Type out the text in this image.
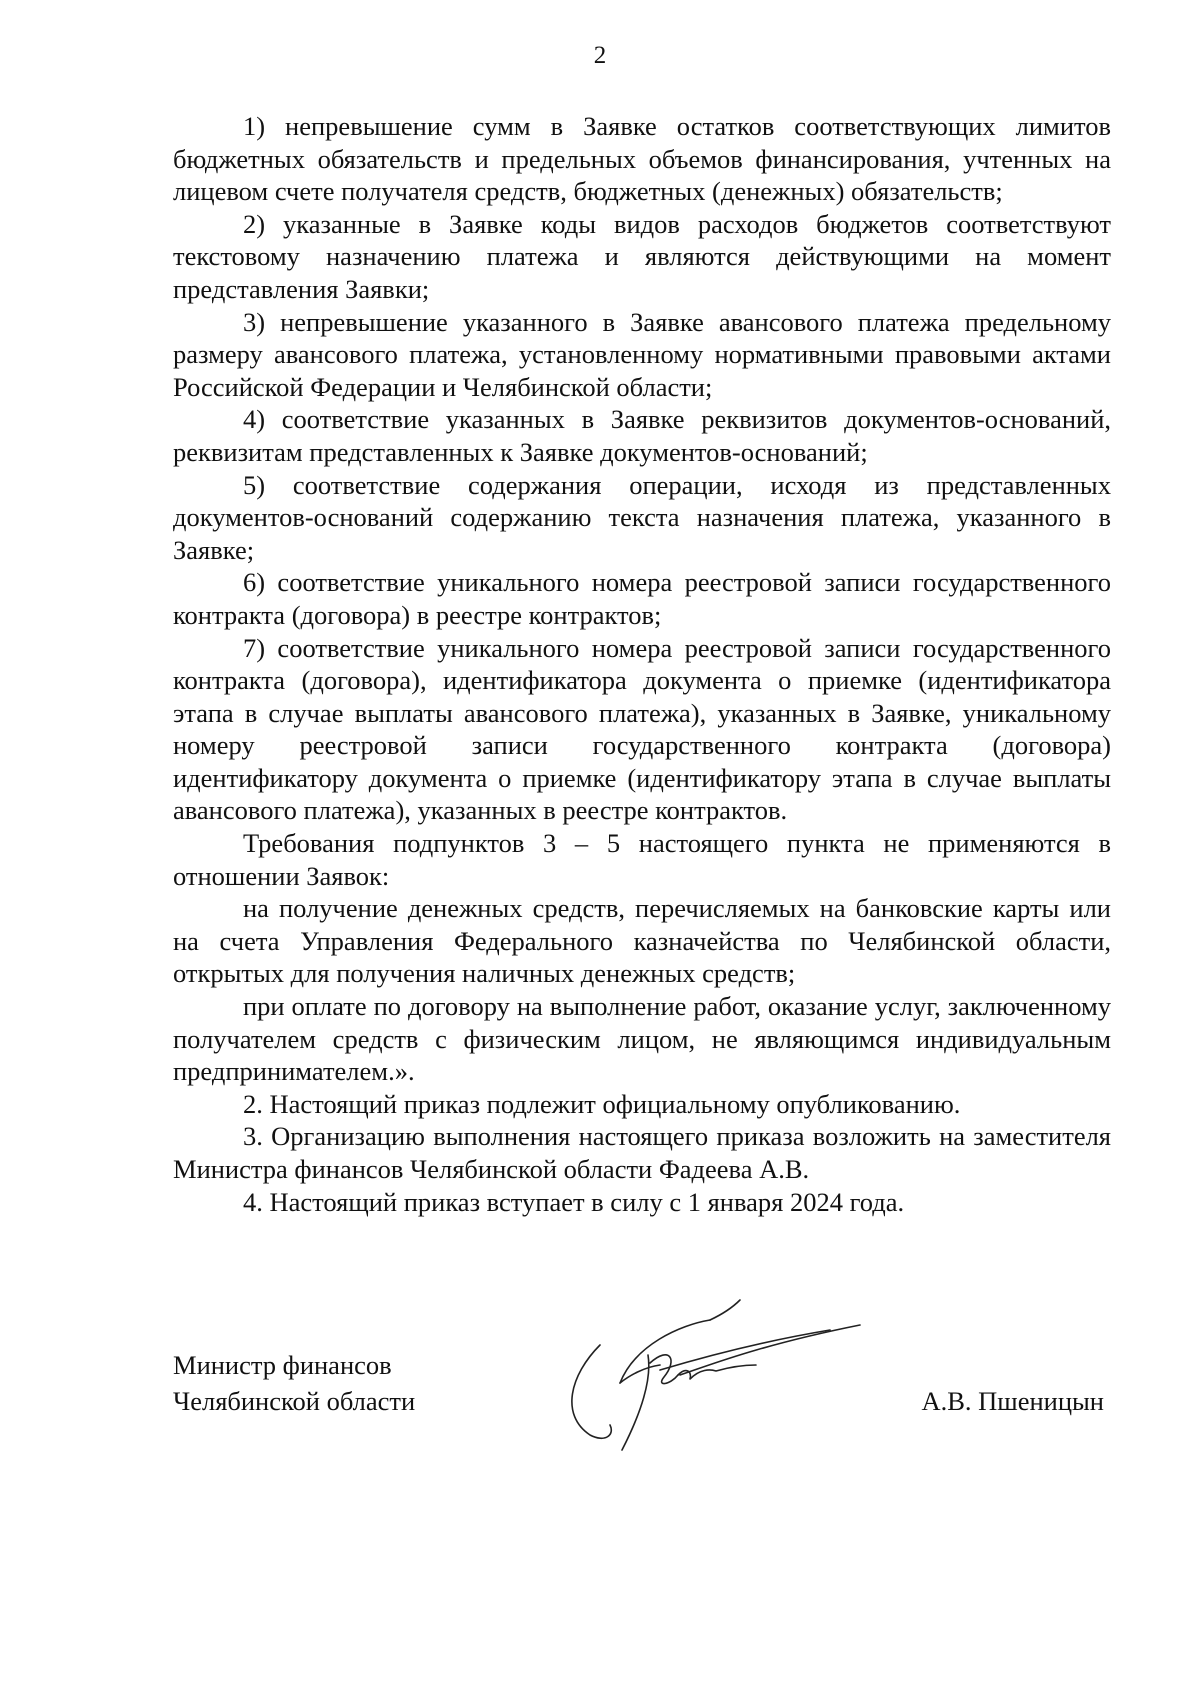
2

1) непревышение сумм в Заявке остатков соответствующих лимитов бюджетных обязательств и предельных объемов финансирования, учтенных на лицевом счете получателя средств, бюджетных (денежных) обязательств;

2) указанные в Заявке коды видов расходов бюджетов соответствуют текстовому назначению платежа и являются действующими на момент представления Заявки;

3) непревышение указанного в Заявке авансового платежа предельному размеру авансового платежа, установленному нормативными правовыми актами Российской Федерации и Челябинской области;

4) соответствие указанных в Заявке реквизитов документов-оснований, реквизитам представленных к Заявке документов-оснований;

5) соответствие содержания операции, исходя из представленных документов-оснований содержанию текста назначения платежа, указанного в Заявке;

6) соответствие уникального номера реестровой записи государственного контракта (договора) в реестре контрактов;

7) соответствие уникального номера реестровой записи государственного контракта (договора), идентификатора документа о приемке (идентификатора этапа в случае выплаты авансового платежа), указанных в Заявке, уникальному номеру реестровой записи государственного контракта (договора) идентификатору документа о приемке (идентификатору этапа в случае выплаты авансового платежа), указанных в реестре контрактов.

Требования подпунктов 3 – 5 настоящего пункта не применяются в отношении Заявок:

на получение денежных средств, перечисляемых на банковские карты или на счета Управления Федерального казначейства по Челябинской области, открытых для получения наличных денежных средств;

при оплате по договору на выполнение работ, оказание услуг, заключенному получателем средств с физическим лицом, не являющимся индивидуальным предпринимателем.».

2. Настоящий приказ подлежит официальному опубликованию.

3. Организацию выполнения настоящего приказа возложить на заместителя Министра финансов Челябинской области Фадеева А.В.

4. Настоящий приказ вступает в силу с 1 января 2024 года.

Министр финансов
Челябинской области	А.В. Пшеницын
